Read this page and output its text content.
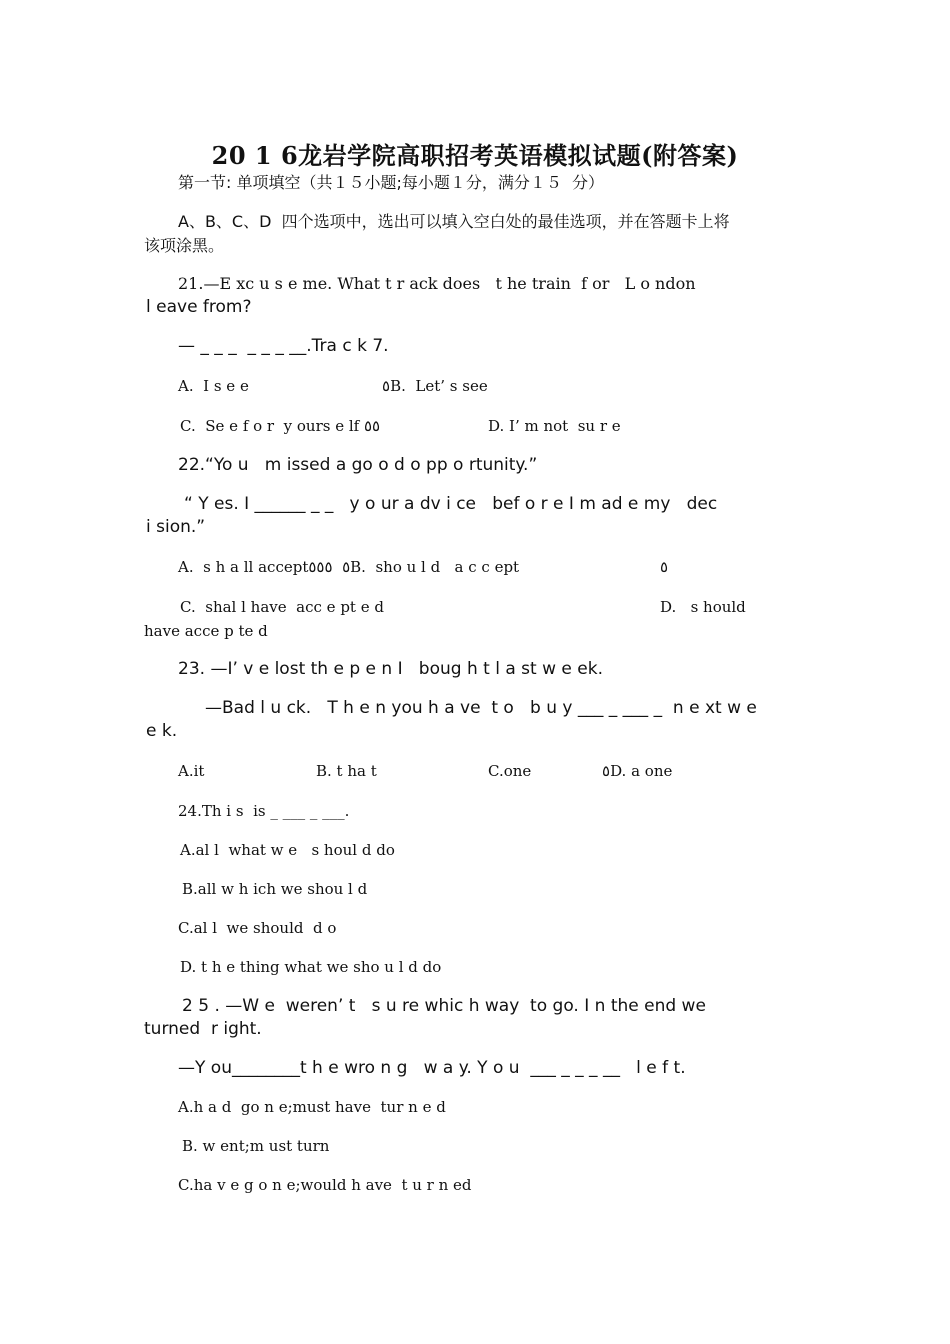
20 1 6龙岩学院高职招考英语模拟试题(附答案)
第一节: 单项填空（共１５小题;每小题１分，满分１５  分）
A、B、C、D  四个选项中，选出可以填入空白处的最佳选项，并在答题卡上将
该项涂黑。
21.—E xc u s e me. What t r ack does   t he train  f or   L o ndon
l eave from?
— _ _ _  _ _ _ __.Tra c k 7.
A.  I s e e	٥B.  Let’ s see
C.  Se e f o r  y ours e lf ٥٥	D. I’ m not  su r e
22.“Yo u   m issed a go o d o pp o rtunity.”
“ Y es. I ______ _ _   y o ur a dv i ce   bef o r e I m ad e my   dec
i sion.”
A.  s h a ll accept٥  ٥٥٥B.  sho u l d   a c c ept	٥
C.  shal l have  acc e pt e d	D.   s hould
have acce p te d
23. —I’ v e lost th e p e n I   boug h t l a st w e ek.
—Bad l u ck.   T h e n you h a ve  t o   b u y ___ _ ___ _  n e xt w e
e k.
A.it	B. t ha t	C.one	٥D. a one
24.Th i s  is _ ___ _ ___.
A.al l  what w e   s houl d do
B.all w h ich we shou l d
C.al l  we should  d o
D. t h e thing what we sho u l d do
2 5 . —W e  weren’ t   s u re whic h way  to go. I n the end we
turned  r ight.
—Y ou________t h e wro n g   w a y. Y o u  ___ _ _ _ __   l e f t.
A.h a d  go n e;must have  tur n e d
B. w ent;m ust turn
C.ha v e g o n e;would h ave  t u r n ed
